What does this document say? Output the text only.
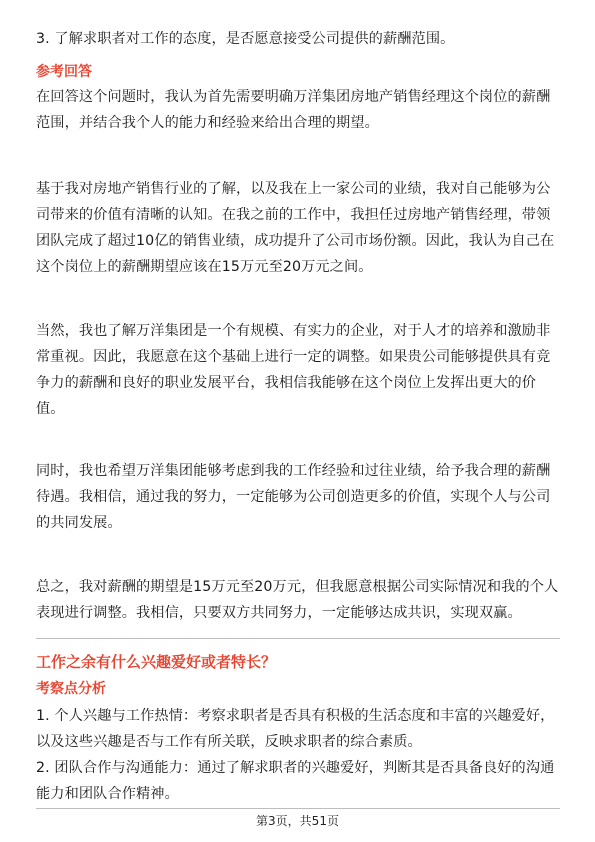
3. 了解求职者对工作的态度，是否愿意接受公司提供的薪酬范围。
参考回答
在回答这个问题时，我认为首先需要明确万洋集团房地产销售经理这个岗位的薪酬
范围，并结合我个人的能力和经验来给出合理的期望。
基于我对房地产销售行业的了解，以及我在上一家公司的业绩，我对自己能够为公
司带来的价值有清晰的认知。在我之前的工作中，我担任过房地产销售经理，带领
团队完成了超过10亿的销售业绩，成功提升了公司市场份额。因此，我认为自己在
这个岗位上的薪酬期望应该在15万元至20万元之间。
当然，我也了解万洋集团是一个有规模、有实力的企业，对于人才的培养和激励非
常重视。因此，我愿意在这个基础上进行一定的调整。如果贵公司能够提供具有竞
争力的薪酬和良好的职业发展平台，我相信我能够在这个岗位上发挥出更大的价
值。
同时，我也希望万洋集团能够考虑到我的工作经验和过往业绩，给予我合理的薪酬
待遇。我相信，通过我的努力，一定能够为公司创造更多的价值，实现个人与公司
的共同发展。
总之，我对薪酬的期望是15万元至20万元，但我愿意根据公司实际情况和我的个人
表现进行调整。我相信，只要双方共同努力，一定能够达成共识，实现双赢。
工作之余有什么兴趣爱好或者特长？
考察点分析
1. 个人兴趣与工作热情：考察求职者是否具有积极的生活态度和丰富的兴趣爱好，
以及这些兴趣是否与工作有所关联，反映求职者的综合素质。
2. 团队合作与沟通能力：通过了解求职者的兴趣爱好，判断其是否具备良好的沟通
能力和团队合作精神。
第3页，共51页
